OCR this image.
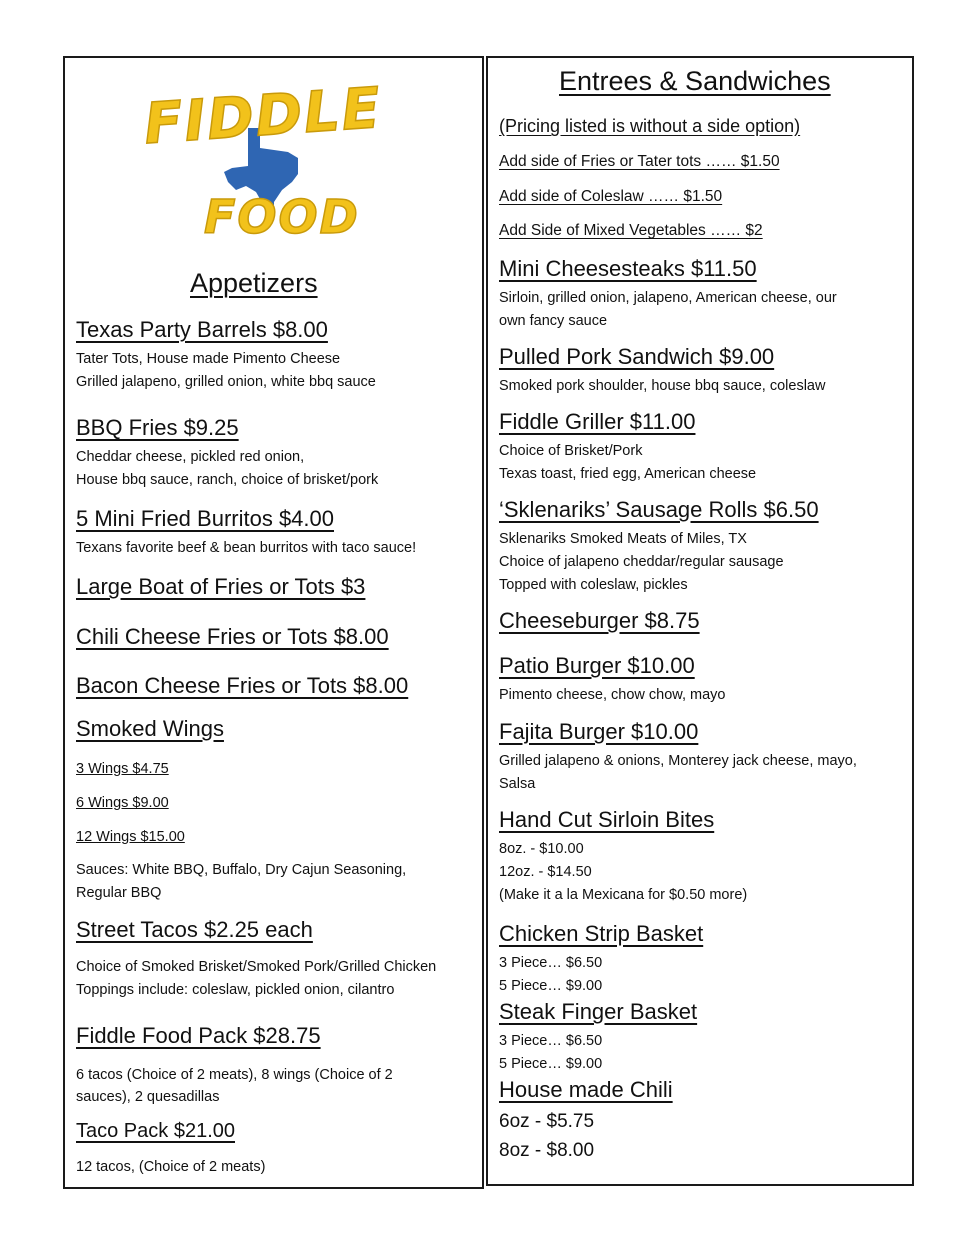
FIDDLE
FOOD
Appetizers
Texas Party Barrels $8.00
Tater Tots, House made Pimento Cheese
Grilled jalapeno, grilled onion, white bbq sauce
BBQ Fries $9.25
Cheddar cheese, pickled red onion,
House bbq sauce, ranch, choice of brisket/pork
5 Mini Fried Burritos $4.00
Texans favorite beef & bean burritos with taco sauce!
Large Boat of Fries or Tots $3
Chili Cheese Fries or Tots $8.00
Bacon Cheese Fries or Tots $8.00
Smoked Wings
3 Wings $4.75
6 Wings $9.00
12 Wings $15.00
Sauces: White BBQ, Buffalo, Dry Cajun Seasoning,
Regular BBQ
Street Tacos $2.25 each
Choice of Smoked Brisket/Smoked Pork/Grilled Chicken
Toppings include: coleslaw, pickled onion, cilantro
Fiddle Food Pack $28.75
6 tacos (Choice of 2 meats), 8 wings (Choice of 2
sauces), 2 quesadillas
Taco Pack $21.00
12 tacos, (Choice of 2 meats)
Entrees & Sandwiches
(Pricing listed is without a side option)
Add side of Fries or Tater tots …… $1.50
Add side of Coleslaw …… $1.50
Add Side of Mixed Vegetables …… $2
Mini Cheesesteaks $11.50
Sirloin, grilled onion, jalapeno, American cheese, our
own fancy sauce
Pulled Pork Sandwich $9.00
Smoked pork shoulder, house bbq sauce, coleslaw
Fiddle Griller $11.00
Choice of Brisket/Pork
Texas toast, fried egg, American cheese
‘Sklenariks’ Sausage Rolls $6.50
Sklenariks Smoked Meats of Miles, TX
Choice of jalapeno cheddar/regular sausage
Topped with coleslaw, pickles
Cheeseburger $8.75
Patio Burger $10.00
Pimento cheese, chow chow, mayo
Fajita Burger $10.00
Grilled jalapeno & onions, Monterey jack cheese, mayo,
Salsa
Hand Cut Sirloin Bites
8oz. - $10.00
12oz. - $14.50
(Make it a la Mexicana for $0.50 more)
Chicken Strip Basket
3 Piece… $6.50
5 Piece… $9.00
Steak Finger Basket
3 Piece… $6.50
5 Piece… $9.00
House made Chili
6oz - $5.75
8oz - $8.00
